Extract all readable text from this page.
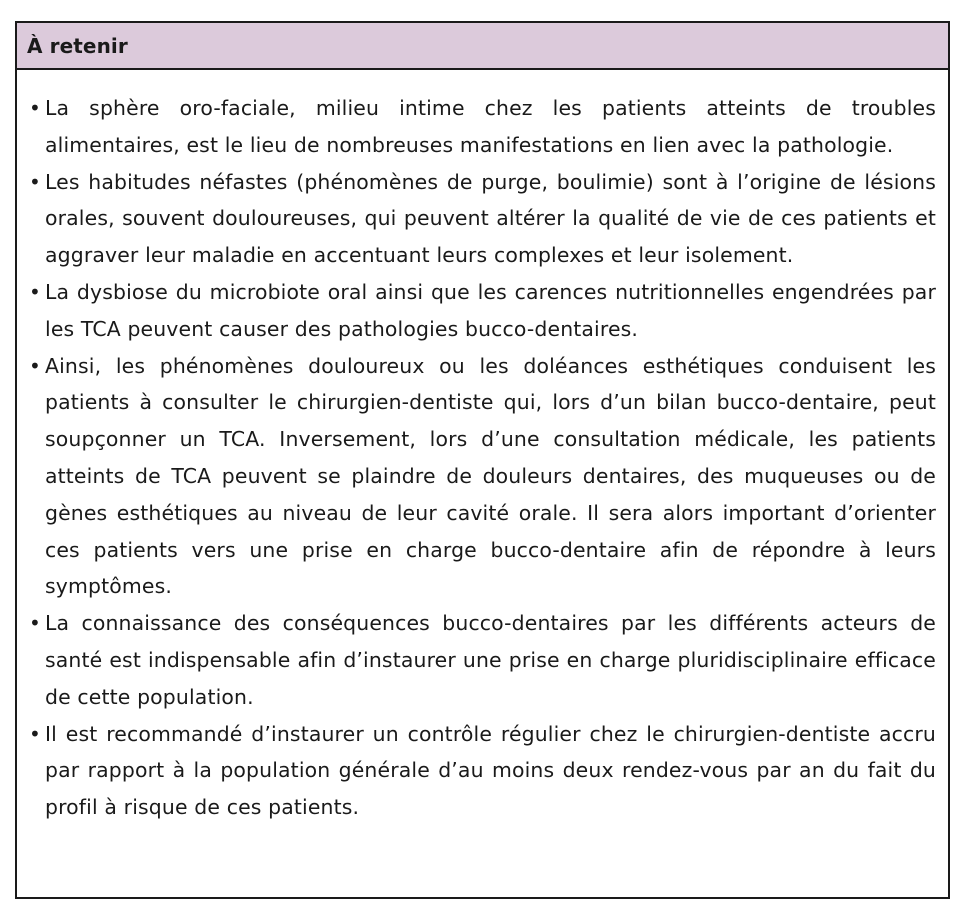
À retenir
• La sphère oro-faciale, milieu intime chez les patients atteints de troubles alimentaires, est le lieu de nombreuses manifestations en lien avec la pathologie.
• Les habitudes néfastes (phénomènes de purge, boulimie) sont à l’origine de lésions orales, souvent douloureuses, qui peuvent altérer la qualité de vie de ces patients et aggraver leur maladie en accentuant leurs complexes et leur isolement.
• La dysbiose du microbiote oral ainsi que les carences nutritionnelles engendrées par les TCA peuvent causer des pathologies bucco-dentaires.
• Ainsi, les phénomènes douloureux ou les doléances esthétiques conduisent les patients à consulter le chirurgien-dentiste qui, lors d’un bilan bucco-dentaire, peut soupçonner un TCA. Inversement, lors d’une consultation médicale, les patients atteints de TCA peuvent se plaindre de douleurs dentaires, des muqueuses ou de gènes esthétiques au niveau de leur cavité orale. Il sera alors important d’orienter ces patients vers une prise en charge bucco-dentaire afin de répondre à leurs symptômes.
• La connaissance des conséquences bucco-dentaires par les différents acteurs de santé est indispensable afin d’instaurer une prise en charge pluridisciplinaire efficace de cette population.
• Il est recommandé d’instaurer un contrôle régulier chez le chirurgien-dentiste accru par rapport à la population générale d’au moins deux rendez-vous par an du fait du profil à risque de ces patients.
